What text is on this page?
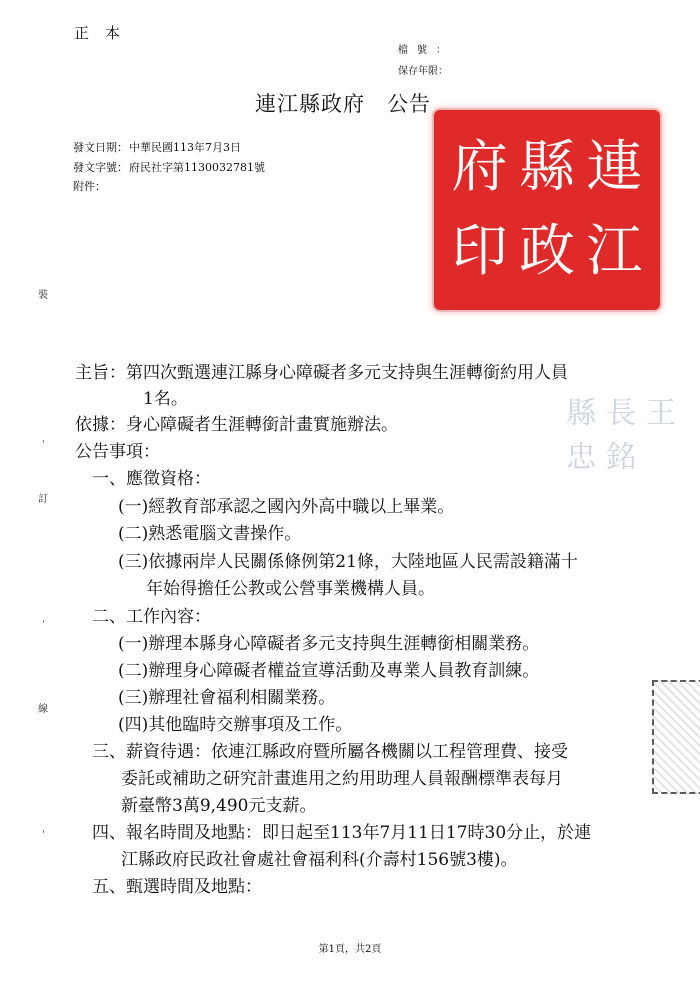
正本
檔號：
保存年限：
連江縣政府 公告
發文日期：中華民國113年7月3日
發文字號：府民社字第1130032781號
附件：
裝
訂
線
府 縣 連
印 政 江
縣長王忠銘
主旨：第四次甄選連江縣身心障礙者多元支持與生涯轉銜約用人員
1名。
依據：身心障礙者生涯轉銜計畫實施辦法。
公告事項：
一、應徵資格：
(一)經教育部承認之國內外高中職以上畢業。
(二)熟悉電腦文書操作。
(三)依據兩岸人民關係條例第21條，大陸地區人民需設籍滿十
年始得擔任公教或公營事業機構人員。
二、工作內容：
(一)辦理本縣身心障礙者多元支持與生涯轉銜相關業務。
(二)辦理身心障礙者權益宣導活動及專業人員教育訓練。
(三)辦理社會福利相關業務。
(四)其他臨時交辦事項及工作。
三、薪資待遇：依連江縣政府暨所屬各機關以工程管理費、接受
委託或補助之研究計畫進用之約用助理人員報酬標準表每月
新臺幣3萬9,490元支薪。
四、報名時間及地點：即日起至113年7月11日17時30分止，於連
江縣政府民政社會處社會福利科(介壽村156號3樓)。
五、甄選時間及地點：
第1頁，共2頁
